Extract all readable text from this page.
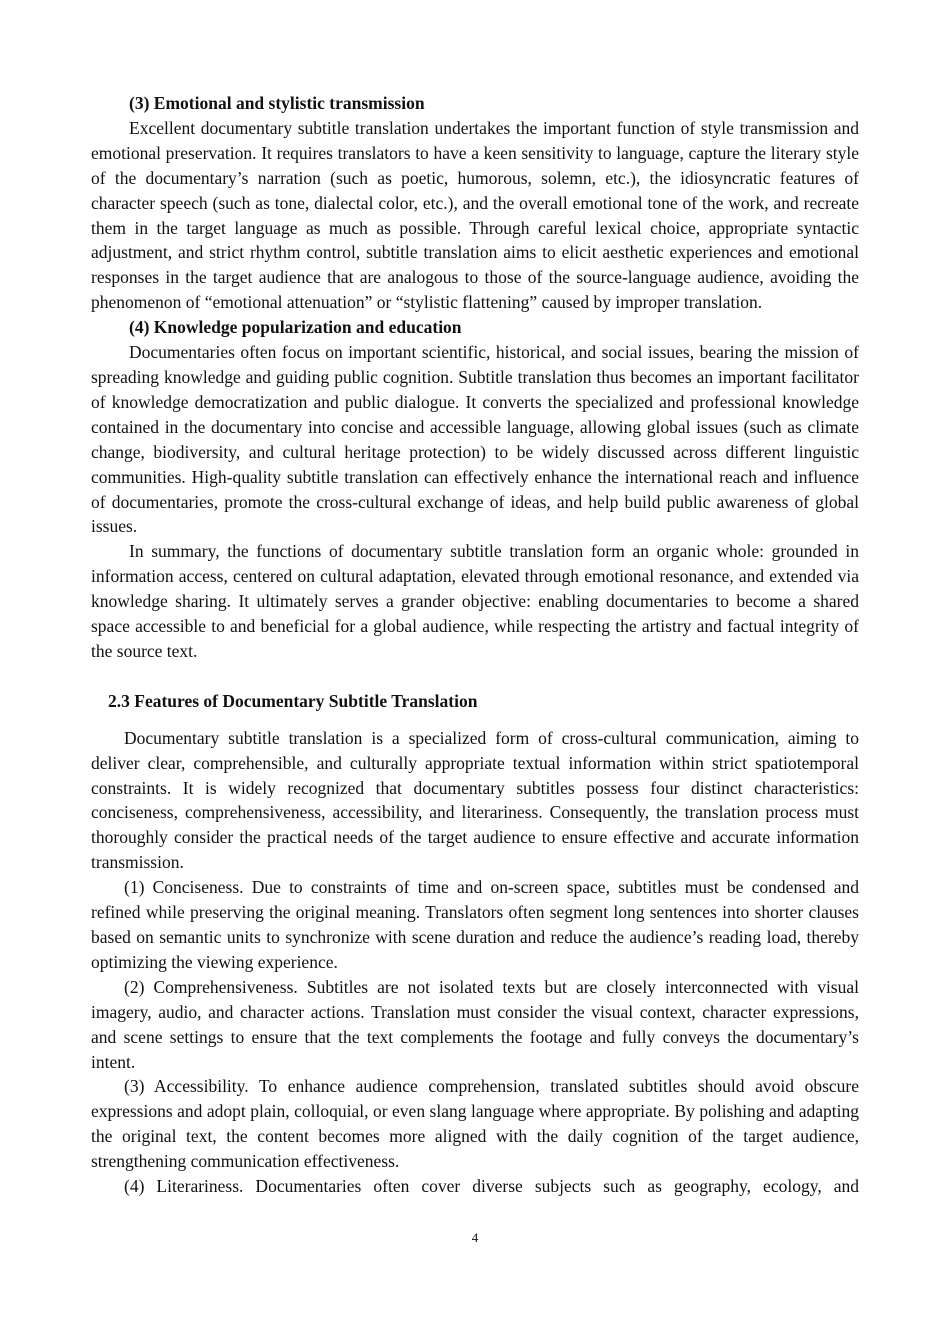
(3) Emotional and stylistic transmission

Excellent documentary subtitle translation undertakes the important function of style transmission and emotional preservation. It requires translators to have a keen sensitivity to language, capture the literary style of the documentary’s narration (such as poetic, humorous, solemn, etc.), the idiosyncratic features of character speech (such as tone, dialectal color, etc.), and the overall emotional tone of the work, and recreate them in the target language as much as possible. Through careful lexical choice, appropriate syntactic adjustment, and strict rhythm control, subtitle translation aims to elicit aesthetic experiences and emotional responses in the target audience that are analogous to those of the source-language audience, avoiding the phenomenon of “emotional attenuation” or “stylistic flattening” caused by improper translation.

(4) Knowledge popularization and education

Documentaries often focus on important scientific, historical, and social issues, bearing the mission of spreading knowledge and guiding public cognition. Subtitle translation thus becomes an important facilitator of knowledge democratization and public dialogue. It converts the specialized and professional knowledge contained in the documentary into concise and accessible language, allowing global issues (such as climate change, biodiversity, and cultural heritage protection) to be widely discussed across different linguistic communities. High-quality subtitle translation can effectively enhance the international reach and influence of documentaries, promote the cross-cultural exchange of ideas, and help build public awareness of global issues.

In summary, the functions of documentary subtitle translation form an organic whole: grounded in information access, centered on cultural adaptation, elevated through emotional resonance, and extended via knowledge sharing. It ultimately serves a grander objective: enabling documentaries to become a shared space accessible to and beneficial for a global audience, while respecting the artistry and factual integrity of the source text.

2.3 Features of Documentary Subtitle Translation

Documentary subtitle translation is a specialized form of cross-cultural communication, aiming to deliver clear, comprehensible, and culturally appropriate textual information within strict spatiotemporal constraints. It is widely recognized that documentary subtitles possess four distinct characteristics: conciseness, comprehensiveness, accessibility, and literariness. Consequently, the translation process must thoroughly consider the practical needs of the target audience to ensure effective and accurate information transmission.

(1) Conciseness. Due to constraints of time and on-screen space, subtitles must be condensed and refined while preserving the original meaning. Translators often segment long sentences into shorter clauses based on semantic units to synchronize with scene duration and reduce the audience’s reading load, thereby optimizing the viewing experience.

(2) Comprehensiveness. Subtitles are not isolated texts but are closely interconnected with visual imagery, audio, and character actions. Translation must consider the visual context, character expressions, and scene settings to ensure that the text complements the footage and fully conveys the documentary’s intent.

(3) Accessibility. To enhance audience comprehension, translated subtitles should avoid obscure expressions and adopt plain, colloquial, or even slang language where appropriate. By polishing and adapting the original text, the content becomes more aligned with the daily cognition of the target audience, strengthening communication effectiveness.

(4) Literariness. Documentaries often cover diverse subjects such as geography, ecology, and

4
